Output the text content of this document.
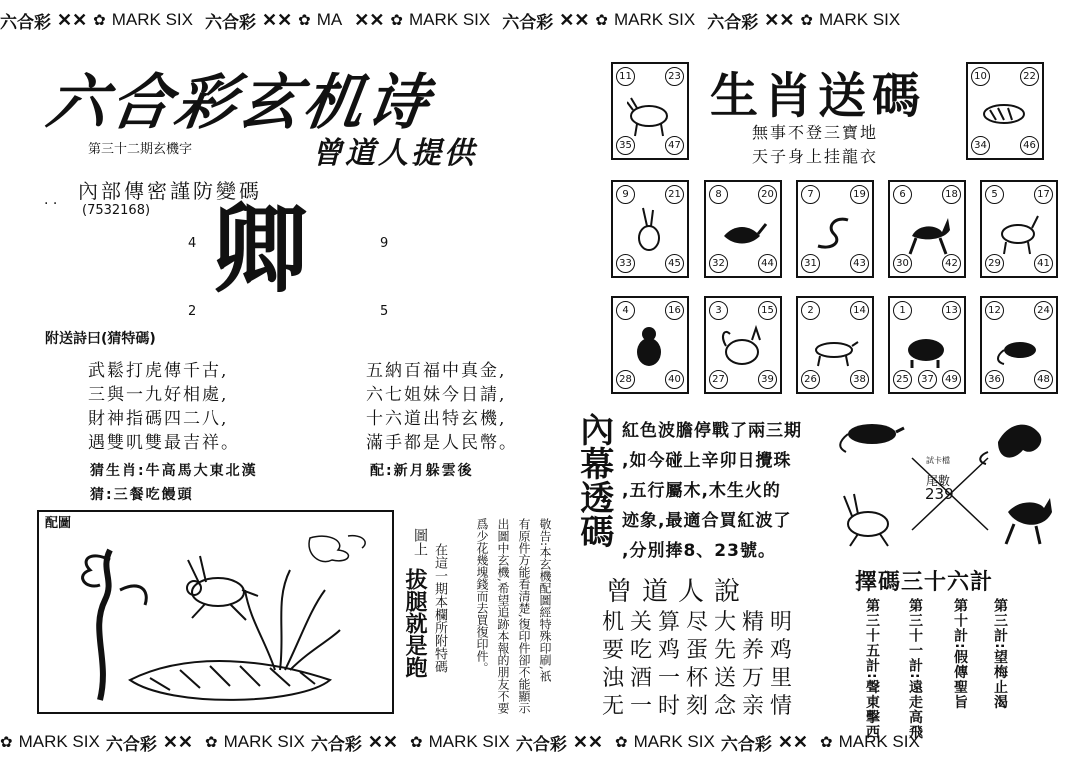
六合彩 ✕✕ ✿ MARK SIX 六合彩 ✕✕ ✿ MA ✕✕ ✿ MARK SIX 六合彩 ✕✕ ✿ MARK SIX 六合彩 ✕✕ ✿ MARK SIX
六合彩玄机诗
第三十二期玄機字	曾道人提供
內部傳密謹防變碼
· · (7532168) 卿
4	9
2	5
附送詩曰(猜特碼)
武鬆打虎傳千古,
三與一九好相處,
財神指碼四二八,
遇雙叽雙最吉祥。
五納百福中真金,
六七姐妹今日請,
十六道出特玄機,
滿手都是人民幣。
猜生肖:牛高馬大東北漢	配:新月躲雲後
猜:三餐吃饅頭
配圖
圖上
拔腿就是跑 在這一期本欄所附特碼	敬告:本玄機配圖經特殊印刷,祇
有原件方能看清楚,復印件卻不能顯示
出圖中玄機,希望追跡本報的朋友不要
爲少花幾塊錢而去買復印件。
生肖送碼
無事不登三寶地
天子身上挂龍衣
11	23
35	47
10	22
34	46
9	21
33	45
8	20
32	44
7	19
31	43
6	18
30	42
5	17
29	41
4	16
28	40
3	15
27	39
2	14
26	38
1	13
25	37	49
12	24
36	48
內幕透碼 紅色波膽停戰了兩三期
,如今碰上辛卯日攪珠
,五行屬木,木生火的
迹象,最適合買紅波了
,分別捧8、23號。
曾道人說
机关算尽大精明
要吃鸡蛋先养鸡
浊酒一杯送万里
无一时刻念亲情
試卡檔
尾數
239
擇碼三十六計
第三計:望梅止渴
第十計:假傳聖旨
第三十一計:遠走高飛
第三十五計:聲東擊西
✿ MARK SIX 六合彩 ✕✕ ✿ MARK SIX 六合彩 ✕✕ ✿ MARK SIX 六合彩 ✕✕ ✿ MARK SIX 六合彩 ✕✕ ✿ MARK SIX
